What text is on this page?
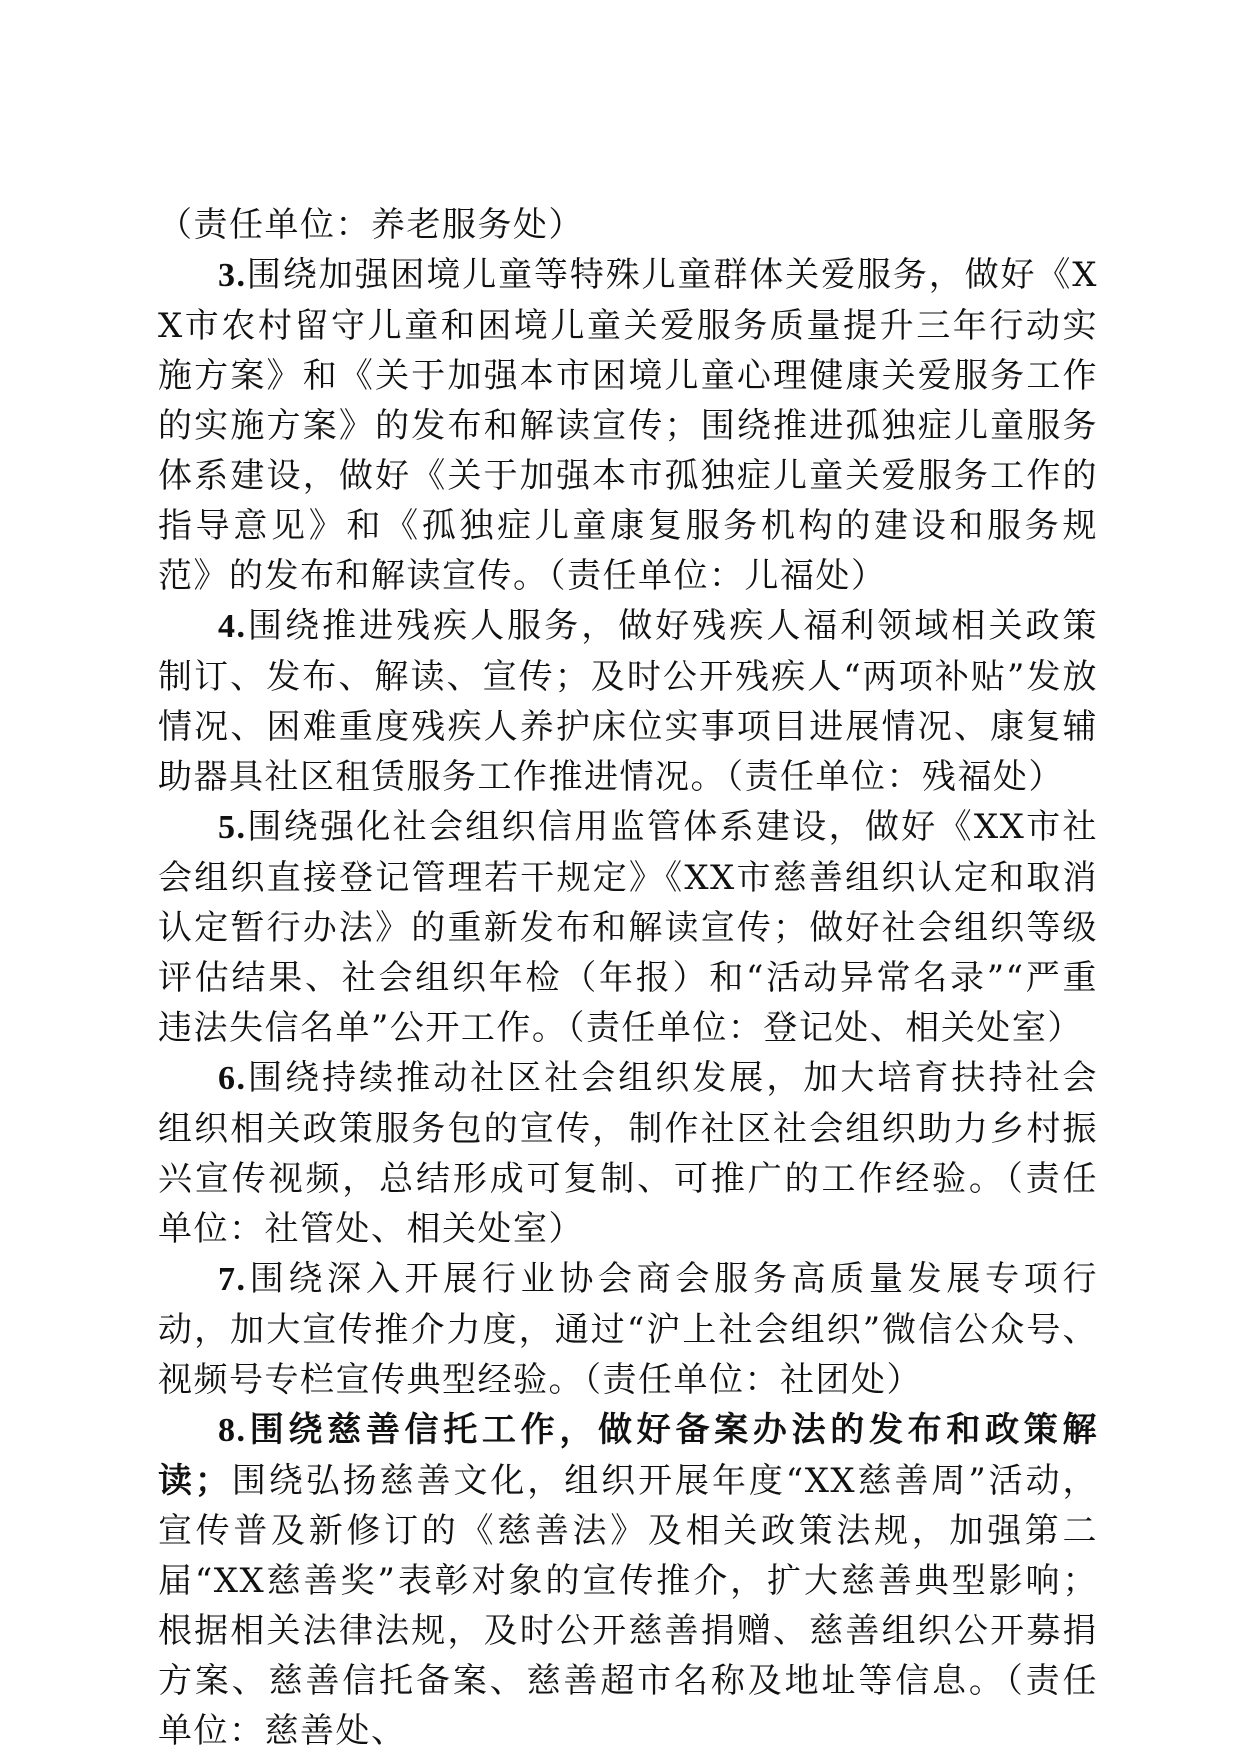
（责任单位：养老服务处）

3.围绕加强困境儿童等特殊儿童群体关爱服务，做好《XX市农村留守儿童和困境儿童关爱服务质量提升三年行动实施方案》和《关于加强本市困境儿童心理健康关爱服务工作的实施方案》的发布和解读宣传；围绕推进孤独症儿童服务体系建设，做好《关于加强本市孤独症儿童关爱服务工作的指导意见》和《孤独症儿童康复服务机构的建设和服务规范》的发布和解读宣传。（责任单位：儿福处）

4.围绕推进残疾人服务，做好残疾人福利领域相关政策制订、发布、解读、宣传；及时公开残疾人“两项补贴”发放情况、困难重度残疾人养护床位实事项目进展情况、康复辅助器具社区租赁服务工作推进情况。（责任单位：残福处）

5.围绕强化社会组织信用监管体系建设，做好《XX市社会组织直接登记管理若干规定》《XX市慈善组织认定和取消认定暂行办法》的重新发布和解读宣传；做好社会组织等级评估结果、社会组织年检（年报）和“活动异常名录”“严重违法失信名单”公开工作。（责任单位：登记处、相关处室）

6.围绕持续推动社区社会组织发展，加大培育扶持社会组织相关政策服务包的宣传，制作社区社会组织助力乡村振兴宣传视频，总结形成可复制、可推广的工作经验。（责任单位：社管处、相关处室）

7.围绕深入开展行业协会商会服务高质量发展专项行动，加大宣传推介力度，通过“沪上社会组织”微信公众号、视频号专栏宣传典型经验。（责任单位：社团处）

8.围绕慈善信托工作，做好备案办法的发布和政策解读；围绕弘扬慈善文化，组织开展年度“XX慈善周”活动，宣传普及新修订的《慈善法》及相关政策法规，加强第二届“XX慈善奖”表彰对象的宣传推介，扩大慈善典型影响；根据相关法律法规，及时公开慈善捐赠、慈善组织公开募捐方案、慈善信托备案、慈善超市名称及地址等信息。（责任单位：慈善处、
